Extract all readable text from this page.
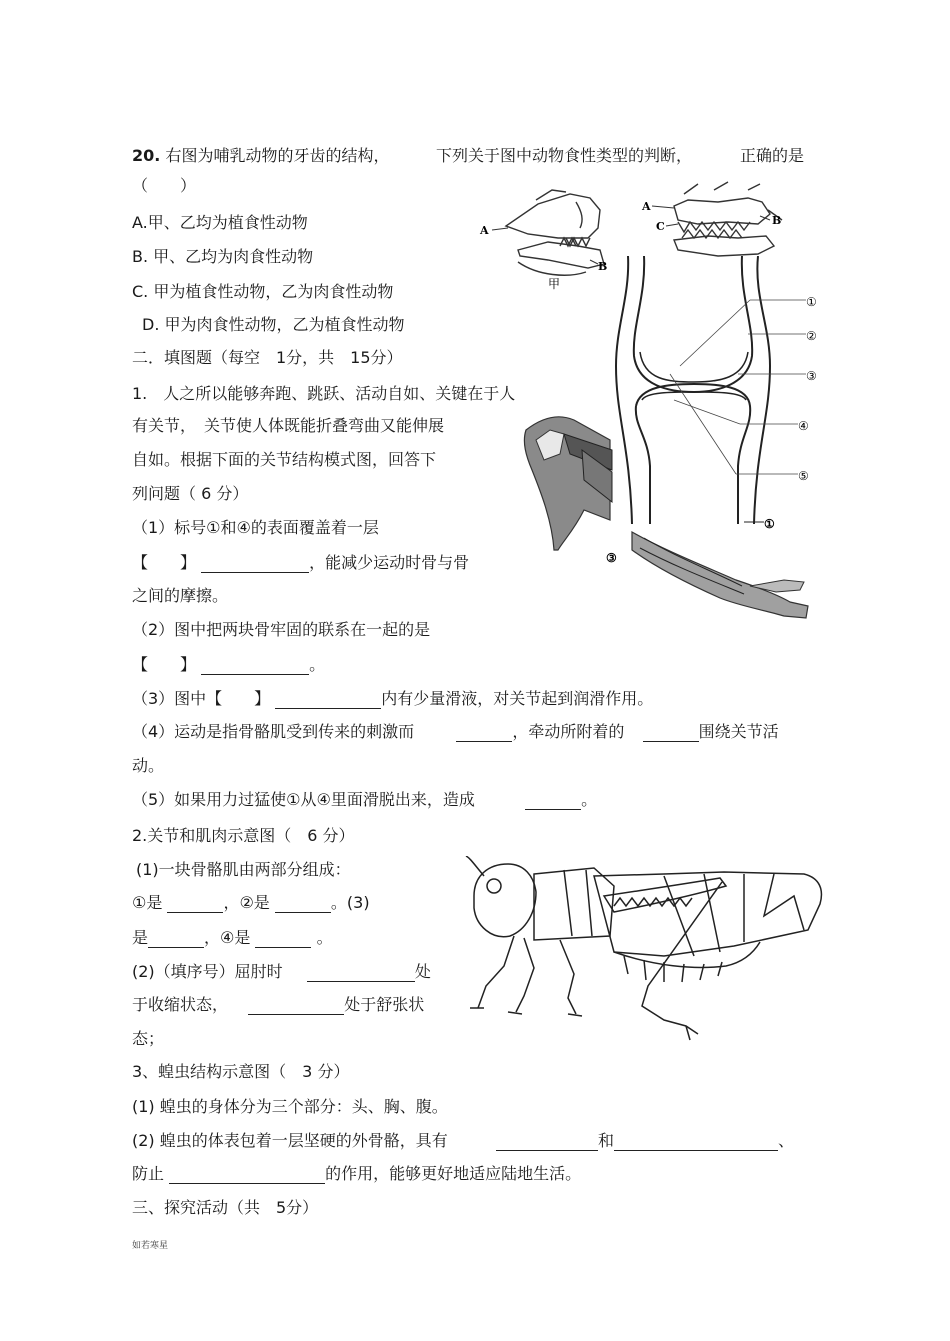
20. 右图为哺乳动物的牙齿的结构，	下列关于图中动物食性类型的判断，	正确的是
（　　）
A.甲、乙均为植食性动物
B. 甲、乙均为肉食性动物
C. 甲为植食性动物，乙为肉食性动物
D. 甲为肉食性动物，乙为植食性动物
A
B
甲
A
C	B
二．填图题（每空　1分，共　15分）
1.　人之所以能够奔跑、跳跃、活动自如、关键在于人
有关节，　关节使人体既能折叠弯曲又能伸展
自如。根据下面的关节结构模式图，回答下
列问题（ 6 分）
（1）标号①和④的表面覆盖着一层
【　　】	，能减少运动时骨与骨
之间的摩擦。
（2）图中把两块骨牢固的联系在一起的是
【　　】	。
（3）图中【　　】	内有少量滑液，对关节起到润滑作用。
（4）运动是指骨骼肌受到传来的刺激而	，牵动所附着的	围绕关节活
动。
（5）如果用力过猛使①从④里面滑脱出来，造成	。
①
②
③
④
⑤
①
③
2.关节和肌肉示意图（　6 分）
(1)一块骨骼肌由两部分组成：
①是	，②是	。(3)
是	，④是	。
(2)（填序号）屈肘时	处
于收缩状态，	处于舒张状
态；
3、蝗虫结构示意图（　3 分）
(1) 蝗虫的身体分为三个部分：头、胸、腹。
(2) 蝗虫的体表包着一层坚硬的外骨骼，具有	和	、
防止	的作用，能够更好地适应陆地生活。
三、探究活动（共　5分）
如若寒星
